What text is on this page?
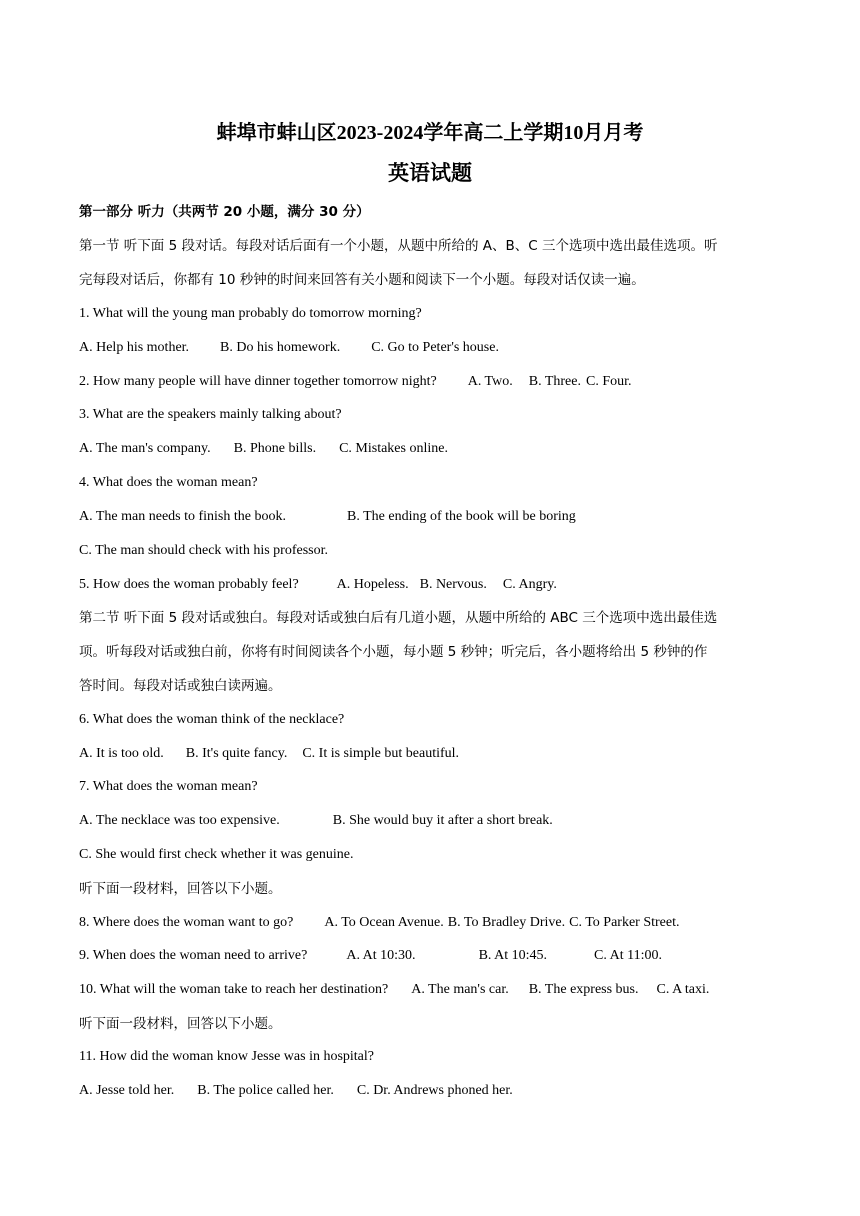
蚌埠市蚌山区2023-2024学年高二上学期10月月考
英语试题
第一部分 听力（共两节 20 小题，满分 30 分）
第一节 听下面 5 段对话。每段对话后面有一个小题，从题中所给的 A、B、C 三个选项中选出最佳选项。听
完每段对话后，你都有 10 秒钟的时间来回答有关小题和阅读下一个小题。每段对话仅读一遍。
1. What will the young man probably do tomorrow morning?
A. Help his mother. B. Do his homework. C. Go to Peter's house.
2. How many people will have dinner together tomorrow night? A. Two. B. Three. C. Four.
3. What are the speakers mainly talking about?
A. The man's company. B. Phone bills. C. Mistakes online.
4. What does the woman mean?
A. The man needs to finish the book.	B. The ending of the book will be boring
C. The man should check with his professor.
5. How does the woman probably feel?	A. Hopeless. B. Nervous. C. Angry.
第二节 听下面 5 段对话或独白。每段对话或独白后有几道小题，从题中所给的 ABC 三个选项中选出最佳选
项。听每段对话或独白前，你将有时间阅读各个小题，每小题 5 秒钟；听完后，各小题将给出 5 秒钟的作
答时间。每段对话或独白读两遍。
6. What does the woman think of the necklace?
A. It is too old. B. It's quite fancy. C. It is simple but beautiful.
7. What does the woman mean?
A. The necklace was too expensive.	B. She would buy it after a short break.
C. She would first check whether it was genuine.
听下面一段材料，回答以下小题。
8. Where does the woman want to go? A. To Ocean Avenue. B. To Bradley Drive. C. To Parker Street.
9. When does the woman need to arrive?	A. At 10:30.	B. At 10:45.	C. At 11:00.
10. What will the woman take to reach her destination? A. The man's car. B. The express bus. C. A taxi.
听下面一段材料，回答以下小题。
11. How did the woman know Jesse was in hospital?
A. Jesse told her. B. The police called her. C. Dr. Andrews phoned her.
